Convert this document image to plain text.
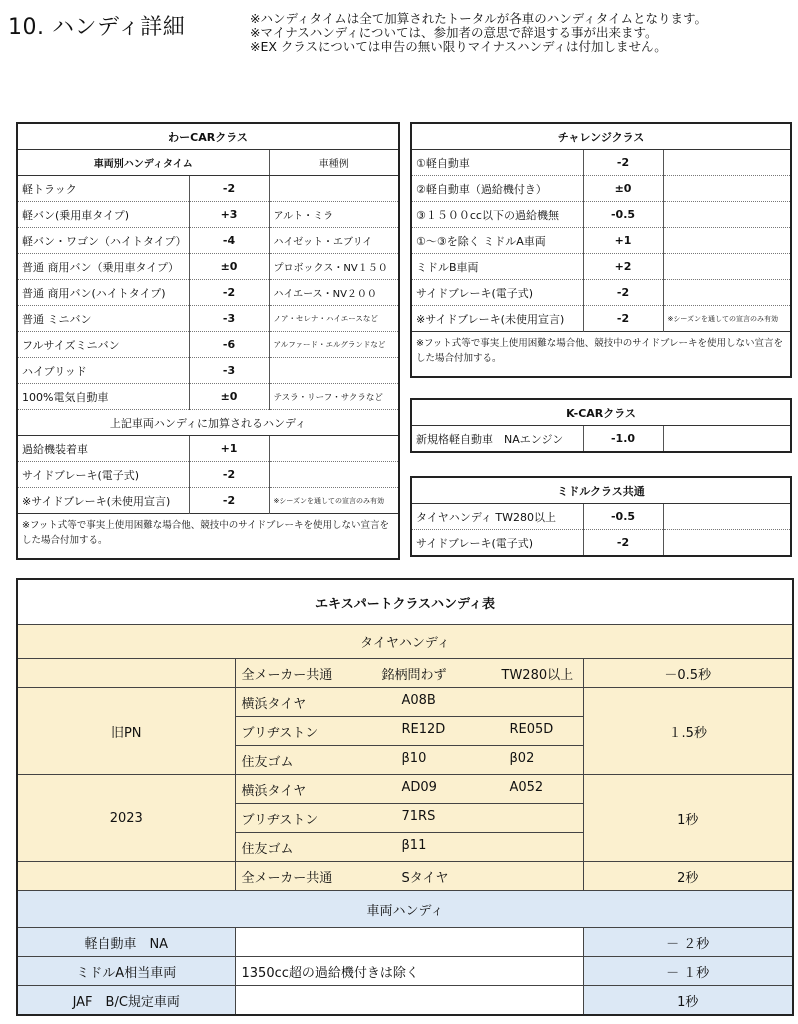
10. ハンディ詳細	※ハンディタイムは全て加算されたトータルが各車のハンディタイムとなります。
※マイナスハンディについては、参加者の意思で辞退する事が出来ます。
※EX クラスについては申告の無い限りマイナスハンディは付加しません。
わーCARクラス		
車両別ハンディタイム		車種例
軽トラック	-2	
軽バン(乗用車タイプ)	+3	アルト・ミラ
軽バン・ワゴン（ハイトタイプ）	-4	ハイゼット・エブリイ
普通 商用バン（乗用車タイプ）	±0	プロボックス・NV１５０
普通 商用バン(ハイトタイプ)	-2	ハイエース・NV２００
普通 ミニバン	-3	ノア・セレナ・ハイエースなど
フルサイズミニバン	-6	アルファード・エルグランドなど
ハイブリッド	-3	
100%電気自動車	±0	テスラ・リーフ・サクラなど
上記車両ハンディに加算されるハンディ		
過給機装着車	+1	
サイドブレーキ(電子式)	-2	
※サイドブレーキ(未使用宣言)	-2	※シーズンを通しての宣言のみ有効
※フット式等で事実上使用困難な場合他、競技中のサイドブレーキを使用しない宣言をした場合付加する。		
チャレンジクラス		
①軽自動車	-2	
②軽自動車（過給機付き）	±0	
③１５００cc以下の過給機無	-0.5	
①～③を除く ミドルA車両	+1	
ミドルB車両	+2	
サイドブレーキ(電子式)	-2	
※サイドブレーキ(未使用宣言)	-2	※シーズンを通しての宣言のみ有効
※フット式等で事実上使用困難な場合他、競技中のサイドブレーキを使用しない宣言をした場合付加する。		
K-CARクラス
新規格軽自動車　NAエンジン	-1.0	
ミドルクラス共通		
タイヤハンディ TW280以上	-0.5	
サイドブレーキ(電子式)	-2	
エキスパートクラスハンディ表		
タイヤハンディ		

	全メーカー共通 銘柄問わず TW280以上	－0.5秒
旧PN	横浜タイヤ A08B	１.5秒

	ブリヂストン RE12D RE05D	

	住友ゴム β10 β02	

2023	横浜タイヤ AD09 A052	1秒

	ブリヂストン 71RS	

	住友ゴム β11	

	全メーカー共通 Sタイヤ	2秒
車両ハンディ		
軽自動車　NA		－ ２秒
ミドルA相当車両	1350cc超の過給機付きは除く	－ １秒
JAF　B/C規定車両		1秒
